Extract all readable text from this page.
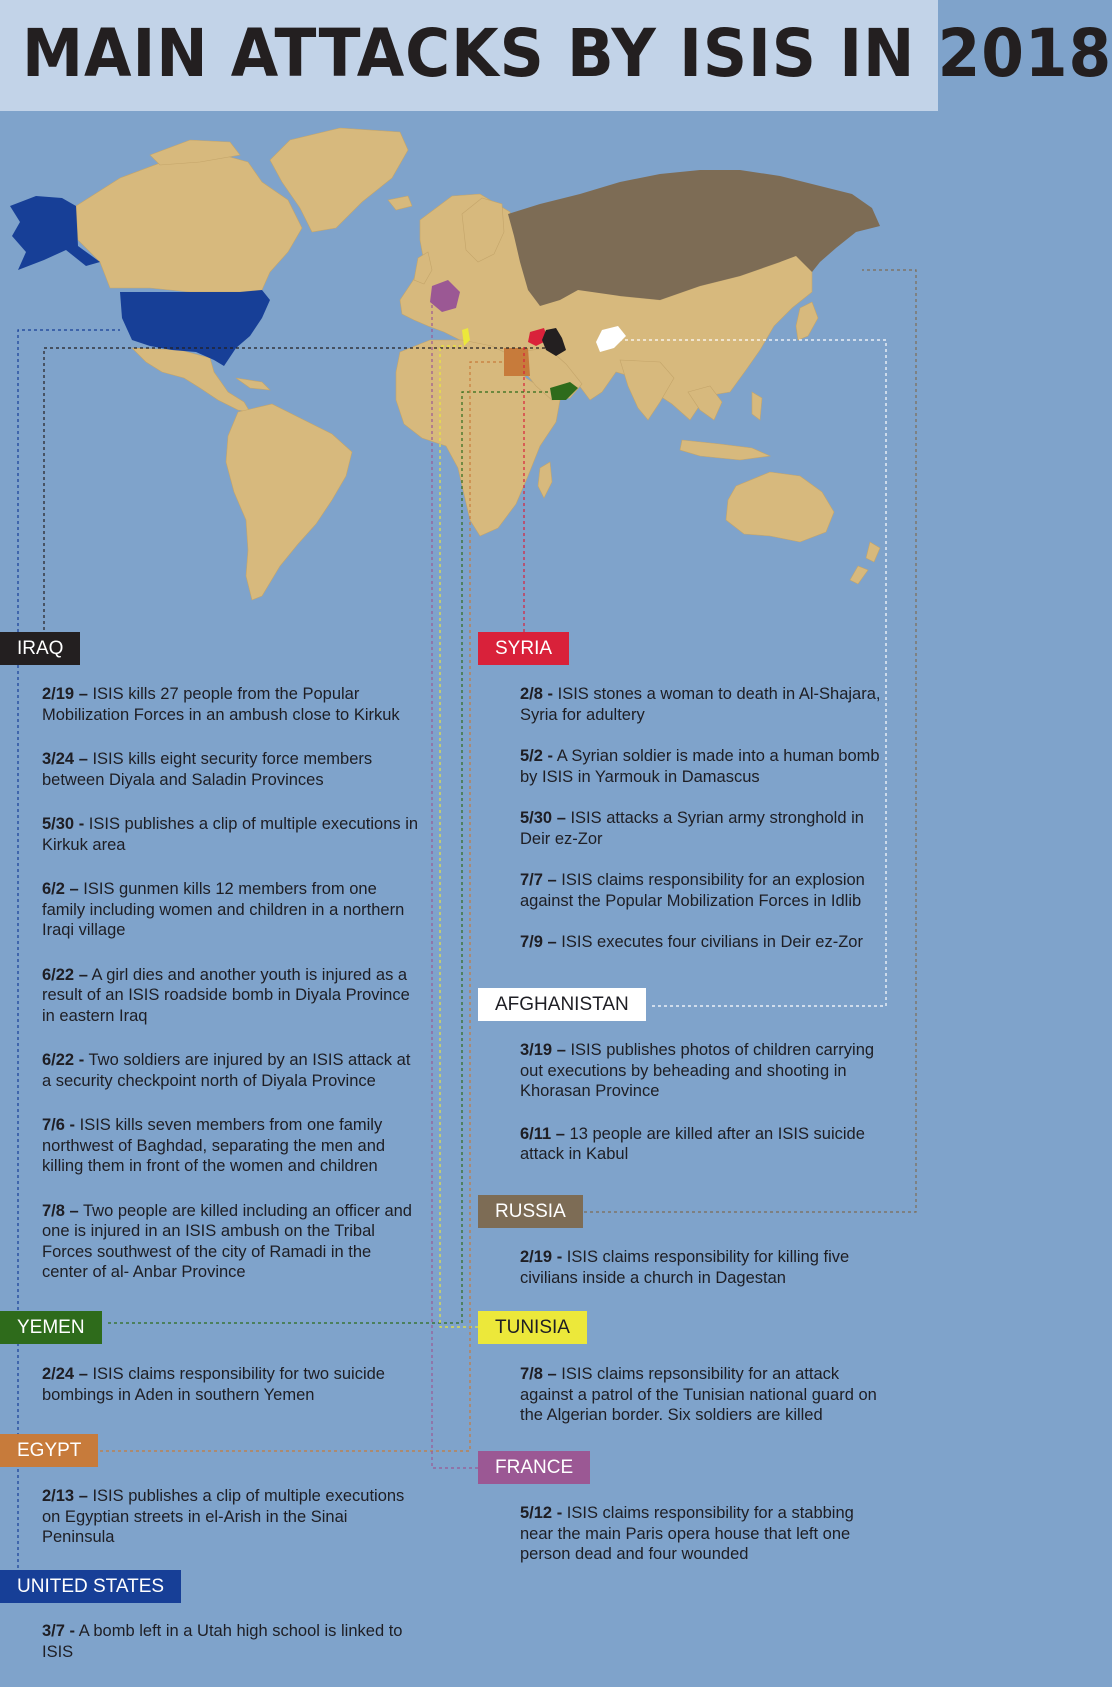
MAIN ATTACKS BY ISIS IN 2018
IRAQ

2/19 – ISIS kills 27 people from the Popular Mobilization Forces in an ambush close to Kirkuk

3/24 – ISIS kills eight security force members between Diyala and Saladin Provinces

5/30 - ISIS publishes a clip of multiple executions in Kirkuk area

6/2 – ISIS gunmen kills 12 members from one family including women and children in a northern Iraqi village

6/22 – A girl dies and another youth is injured as a result of an ISIS roadside bomb in Diyala Province in eastern Iraq

6/22 - Two soldiers are injured by an ISIS attack at a security checkpoint north of Diyala Province

7/6 - ISIS kills seven members from one family northwest of Baghdad, separating the men and killing them in front of the women and children

7/8 – Two people are killed including an officer and one is injured in an ISIS ambush on the Tribal Forces southwest of the city of Ramadi in the center of al- Anbar Province

SYRIA

2/8 - ISIS stones a woman to death in Al-Shajara, Syria for adultery

5/2 - A Syrian soldier is made into a human bomb by ISIS in Yarmouk in Damascus

5/30 – ISIS attacks a Syrian army stronghold in Deir ez-Zor

7/7 – ISIS claims responsibility for an explosion against the Popular Mobilization Forces in Idlib

7/9 – ISIS executes four civilians in Deir ez-Zor

AFGHANISTAN

3/19 – ISIS publishes photos of children carrying out executions by beheading and shooting in Khorasan Province

6/11 – 13 people are killed after an ISIS suicide attack in Kabul

RUSSIA

2/19 - ISIS claims responsibility for killing five civilians inside a church in Dagestan

YEMEN

2/24 – ISIS claims responsibility for two suicide bombings in Aden in southern Yemen

TUNISIA

7/8 – ISIS claims repsonsibility for an attack against a patrol of the Tunisian national guard on the Algerian border. Six soldiers are killed

EGYPT

2/13 – ISIS publishes a clip of multiple executions on Egyptian streets in el-Arish in the Sinai Peninsula

FRANCE

5/12 - ISIS claims responsibility for a stabbing near the main Paris opera house that left one person dead and four wounded

UNITED STATES

3/7 - A bomb left in a Utah high school is linked to ISIS
